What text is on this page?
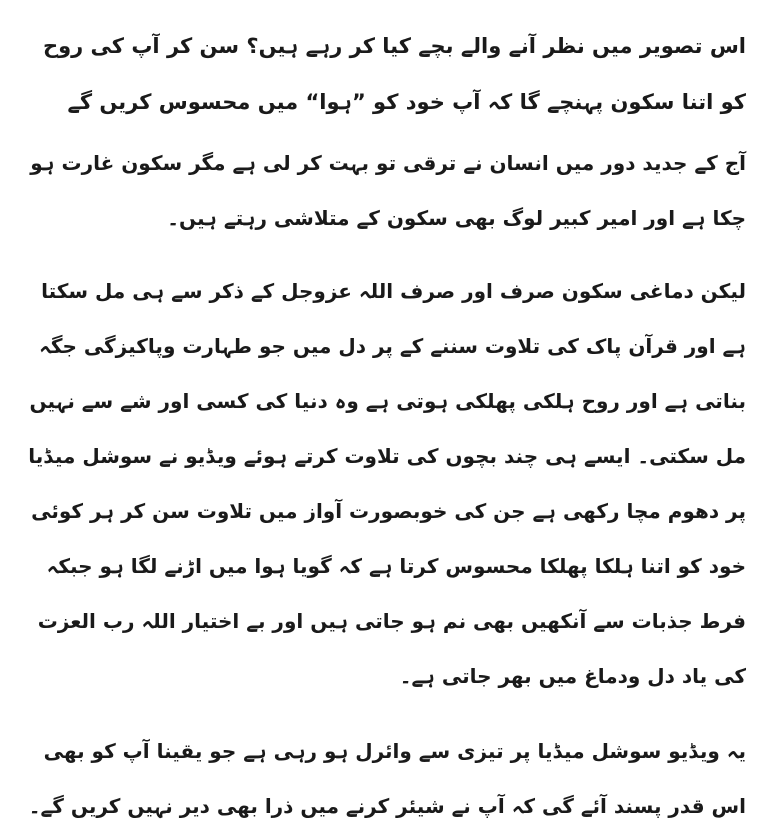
اس تصویر میں نظر آنے والے بچے کیا کر رہے ہیں؟ سن کر آپ کی روح کو اتنا سکون پہنچے گا کہ آپ خود کو ”ہوا“ میں محسوس کریں گے

آج کے جدید دور میں انسان نے ترقی تو بہت کر لی ہے مگر سکون غارت ہو چکا ہے اور امیر کبیر لوگ بھی سکون کے متلاشی رہتے ہیں۔

لیکن دماغی سکون صرف اور صرف اللہ عزوجل کے ذکر سے ہی مل سکتا ہے اور قرآن پاک کی تلاوت سننے کے پر دل میں جو طہارت وپاکیزگی جگہ بناتی ہے اور روح ہلکی پھلکی ہوتی ہے وہ دنیا کی کسی اور شے سے نہیں مل سکتی۔ ایسے ہی چند بچوں کی تلاوت کرتے ہوئے ویڈیو نے سوشل میڈیا پر دھوم مچا رکھی ہے جن کی خوبصورت آواز میں تلاوت سن کر ہر کوئی خود کو اتنا ہلکا پھلکا محسوس کرتا ہے کہ گویا ہوا میں اڑنے لگا ہو جبکہ فرط جذبات سے آنکھیں بھی نم ہو جاتی ہیں اور بے اختیار اللہ رب العزت کی یاد دل ودماغ میں بھر جاتی ہے۔

یہ ویڈیو سوشل میڈیا پر تیزی سے وائرل ہو رہی ہے جو یقینا آپ کو بھی اس قدر پسند آئے گی کہ آپ نے شیئر کرنے میں ذرا بھی دیر نہیں کریں گے۔
